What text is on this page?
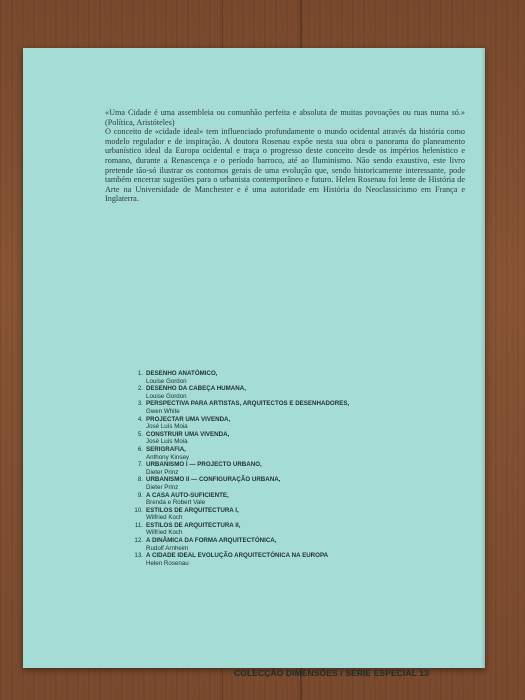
«Uma Cidade é uma assembleia ou comunhão perfeita e absoluta de muitas povoações ou ruas numa só.» (Política, Aristóteles)

O conceito de «cidade ideal» tem influenciado profundamente o mundo ocidental através da história como modelo regulador e de inspiração. A doutora Rosenau expõe nesta sua obra o panorama do planeamento urbanístico ideal da Europa ocidental e traça o progresso deste conceito desde os impérios helenístico e romano, durante a Renascença e o período barroco, até ao Iluminismo. Não sendo exaustivo, este livro pretende tão-só ilustrar os contornos gerais de uma evolução que, sendo historicamente interessante, pode também encerrar sugestões para o urbanista contemporâneo e futuro. Helen Rosenau foi lente de História de Arte na Universidade de Manchester e é uma autoridade em História do Neoclassicismo em França e Inglaterra.

1. DESENHO ANATÓMICO,
Louise Gordon
2. DESENHO DA CABEÇA HUMANA,
Louise Gordon
3. PERSPECTIVA PARA ARTISTAS, ARQUITECTOS E DESENHADORES,
Gwen White
4. PROJECTAR UMA VIVENDA,
José Luís Moia
5. CONSTRUIR UMA VIVENDA,
José Luís Moia
6. SERIGRAFIA,
Anthony Kinsey
7. URBANISMO I — PROJECTO URBANO,
Dieter Prinz
8. URBANISMO II — CONFIGURAÇÃO URBANA,
Dieter Prinz
9. A CASA AUTO-SUFICIENTE,
Brenda e Robert Vale
10. ESTILOS DE ARQUITECTURA I,
Wilfried Koch
11. ESTILOS DE ARQUITECTURA II,
Wilfried Koch
12. A DINÂMICA DA FORMA ARQUITECTÓNICA,
Rudolf Arnheim
13. A CIDADE IDEAL EVOLUÇÃO ARQUITECTÓNICA NA EUROPA
Helen Rosenau
COLECÇÃO DIMENSÕES / SÉRIE ESPECIAL 13
